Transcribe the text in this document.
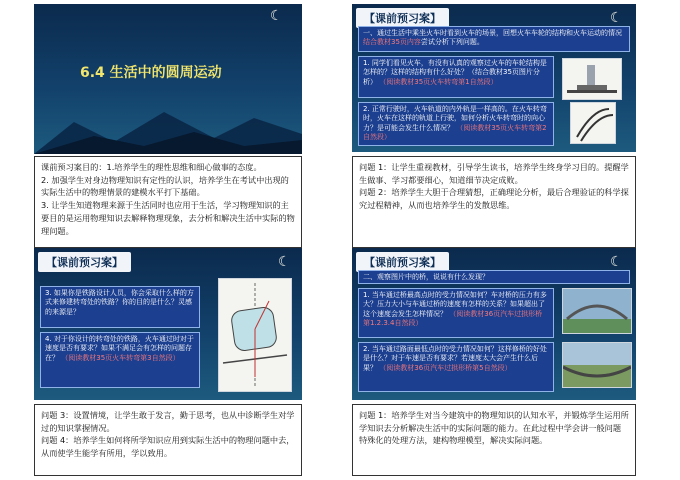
☾
6.4 生活中的圆周运动

课前预习案目的：1.培养学生的理性思维和细心做事的态度。

2. 加强学生对身边物理知识有定性的认识，培养学生在考试中出现的实际生活中的物理情景的建模水平打下基础。

3. 让学生知道物理来源于生活同时也应用于生活，学习物理知识的主要目的是运用物理知识去解释物理现象，去分析和解决生活中实际的物理问题。

【课前预习案】	☾
一、通过生活中乘坐火车时看到火车的场景，回想火车车轮的结构和火车运动的情况结合教材35页内容尝试分析下列问题。
1. 同学们看见火车，有没有认真的观察过火车的车轮结构是怎样的？这样的结构有什么好处？（结合教材35页图片分析） （阅读教材35页火车转弯第1自然段）
2. 正常行驶时，火车轨道的内外轨是一样高的。在火车转弯时，火车在这样的轨道上行驶，如何分析火车转弯时的向心力？是可能会发生什么情况？ （阅读教材35页火车转弯第2自然段）

问题 1：让学生重视教材，引导学生读书，培养学生终身学习目的。提醒学生做事、学习都要细心，知道细节决定成败。

问题 2：培养学生大胆于合理猜想，正确理论分析，最后合理验证的科学探究过程精神，从而也培养学生的发散思维。

【课前预习案】	☾
3. 如果你是铁路设计人员，你会采取什么样的方式来修建转弯处的铁路？你的目的是什么？灵感的来源是？
4. 对于你设计的转弯处的铁路，火车通过时对于速度是否有要求？如果不满足会有怎样的问题存在？ （阅读教材35页火车转弯第3自然段）

问题 3：设置情境，让学生敢于发言，勤于思考，也从中诊断学生对学过的知识掌握情况。

问题 4：培养学生如何将所学知识应用到实际生活中的物理问题中去，从而使学生能学有所用，学以致用。

【课前预习案】	☾
二、观察图片中的桥，说说有什么发现？
1. 当车通过桥最高点时的受力情况如何？车对桥的压力有多大？压力大小与车通过桥的速度有怎样的关系？如果超出了这个速度会发生怎样情况？ （阅读教材36页汽车过拱形桥第1.2.3.4自然段）
2. 当车通过路面最低点时的受力情况如何？这样修桥的好处是什么？对于车速是否有要求？若速度太大会产生什么后果？ （阅读教材36页汽车过拱形桥第5自然段）

问题 1：培养学生对当今建筑中的物理知识的认知水平，并锻炼学生运用所学知识去分析解决生活中的实际问题的能力。在此过程中学会讲一般问题特殊化的处理方法，建构物理模型，解决实际问题。
